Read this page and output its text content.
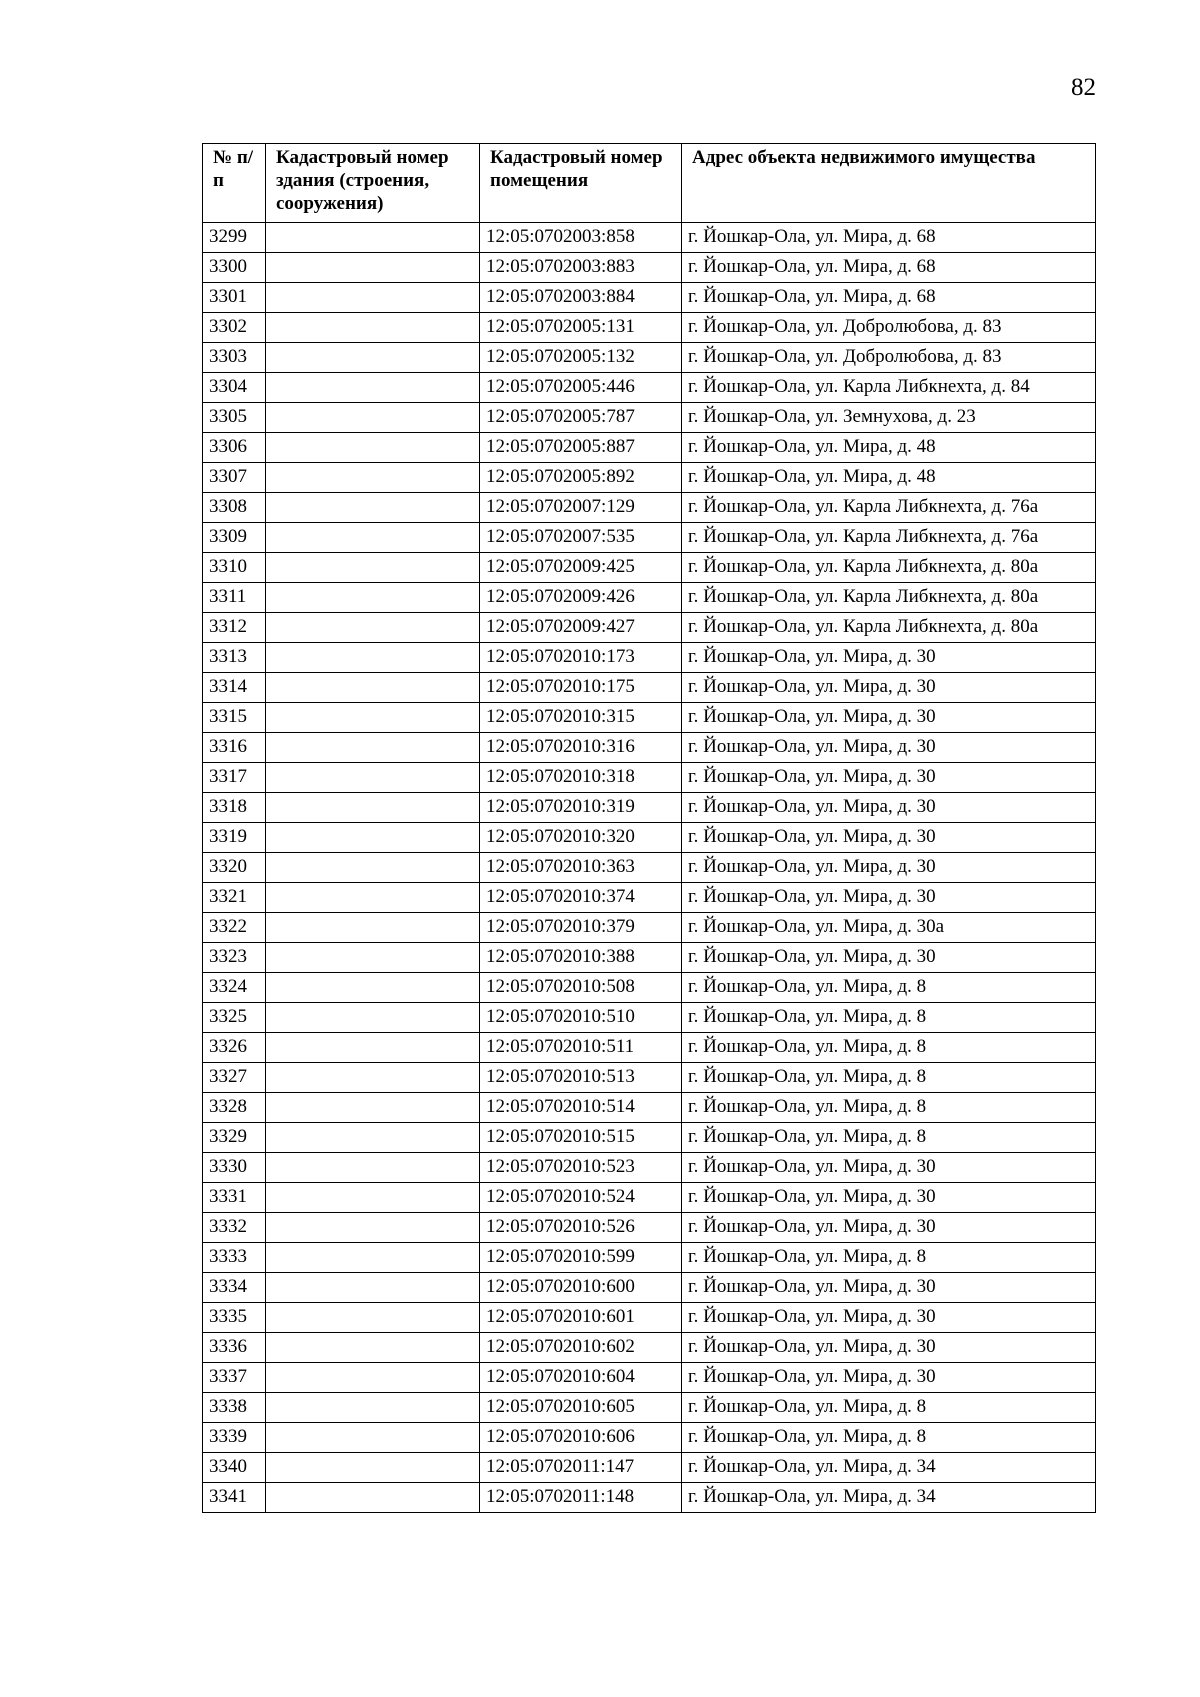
82
№ п/п	Кадастровый номер здания (строения, сооружения)	Кадастровый номер помещения	Адрес объекта недвижимого имущества
3299		12:05:0702003:858	г. Йошкар-Ола, ул. Мира, д. 68
3300		12:05:0702003:883	г. Йошкар-Ола, ул. Мира, д. 68
3301		12:05:0702003:884	г. Йошкар-Ола, ул. Мира, д. 68
3302		12:05:0702005:131	г. Йошкар-Ола, ул. Добролюбова, д. 83
3303		12:05:0702005:132	г. Йошкар-Ола, ул. Добролюбова, д. 83
3304		12:05:0702005:446	г. Йошкар-Ола, ул. Карла Либкнехта, д. 84
3305		12:05:0702005:787	г. Йошкар-Ола, ул. Земнухова, д. 23
3306		12:05:0702005:887	г. Йошкар-Ола, ул. Мира, д. 48
3307		12:05:0702005:892	г. Йошкар-Ола, ул. Мира, д. 48
3308		12:05:0702007:129	г. Йошкар-Ола, ул. Карла Либкнехта, д. 76а
3309		12:05:0702007:535	г. Йошкар-Ола, ул. Карла Либкнехта, д. 76а
3310		12:05:0702009:425	г. Йошкар-Ола, ул. Карла Либкнехта, д. 80а
3311		12:05:0702009:426	г. Йошкар-Ола, ул. Карла Либкнехта, д. 80а
3312		12:05:0702009:427	г. Йошкар-Ола, ул. Карла Либкнехта, д. 80а
3313		12:05:0702010:173	г. Йошкар-Ола, ул. Мира, д. 30
3314		12:05:0702010:175	г. Йошкар-Ола, ул. Мира, д. 30
3315		12:05:0702010:315	г. Йошкар-Ола, ул. Мира, д. 30
3316		12:05:0702010:316	г. Йошкар-Ола, ул. Мира, д. 30
3317		12:05:0702010:318	г. Йошкар-Ола, ул. Мира, д. 30
3318		12:05:0702010:319	г. Йошкар-Ола, ул. Мира, д. 30
3319		12:05:0702010:320	г. Йошкар-Ола, ул. Мира, д. 30
3320		12:05:0702010:363	г. Йошкар-Ола, ул. Мира, д. 30
3321		12:05:0702010:374	г. Йошкар-Ола, ул. Мира, д. 30
3322		12:05:0702010:379	г. Йошкар-Ола, ул. Мира, д. 30а
3323		12:05:0702010:388	г. Йошкар-Ола, ул. Мира, д. 30
3324		12:05:0702010:508	г. Йошкар-Ола, ул. Мира, д. 8
3325		12:05:0702010:510	г. Йошкар-Ола, ул. Мира, д. 8
3326		12:05:0702010:511	г. Йошкар-Ола, ул. Мира, д. 8
3327		12:05:0702010:513	г. Йошкар-Ола, ул. Мира, д. 8
3328		12:05:0702010:514	г. Йошкар-Ола, ул. Мира, д. 8
3329		12:05:0702010:515	г. Йошкар-Ола, ул. Мира, д. 8
3330		12:05:0702010:523	г. Йошкар-Ола, ул. Мира, д. 30
3331		12:05:0702010:524	г. Йошкар-Ола, ул. Мира, д. 30
3332		12:05:0702010:526	г. Йошкар-Ола, ул. Мира, д. 30
3333		12:05:0702010:599	г. Йошкар-Ола, ул. Мира, д. 8
3334		12:05:0702010:600	г. Йошкар-Ола, ул. Мира, д. 30
3335		12:05:0702010:601	г. Йошкар-Ола, ул. Мира, д. 30
3336		12:05:0702010:602	г. Йошкар-Ола, ул. Мира, д. 30
3337		12:05:0702010:604	г. Йошкар-Ола, ул. Мира, д. 30
3338		12:05:0702010:605	г. Йошкар-Ола, ул. Мира, д. 8
3339		12:05:0702010:606	г. Йошкар-Ола, ул. Мира, д. 8
3340		12:05:0702011:147	г. Йошкар-Ола, ул. Мира, д. 34
3341		12:05:0702011:148	г. Йошкар-Ола, ул. Мира, д. 34
